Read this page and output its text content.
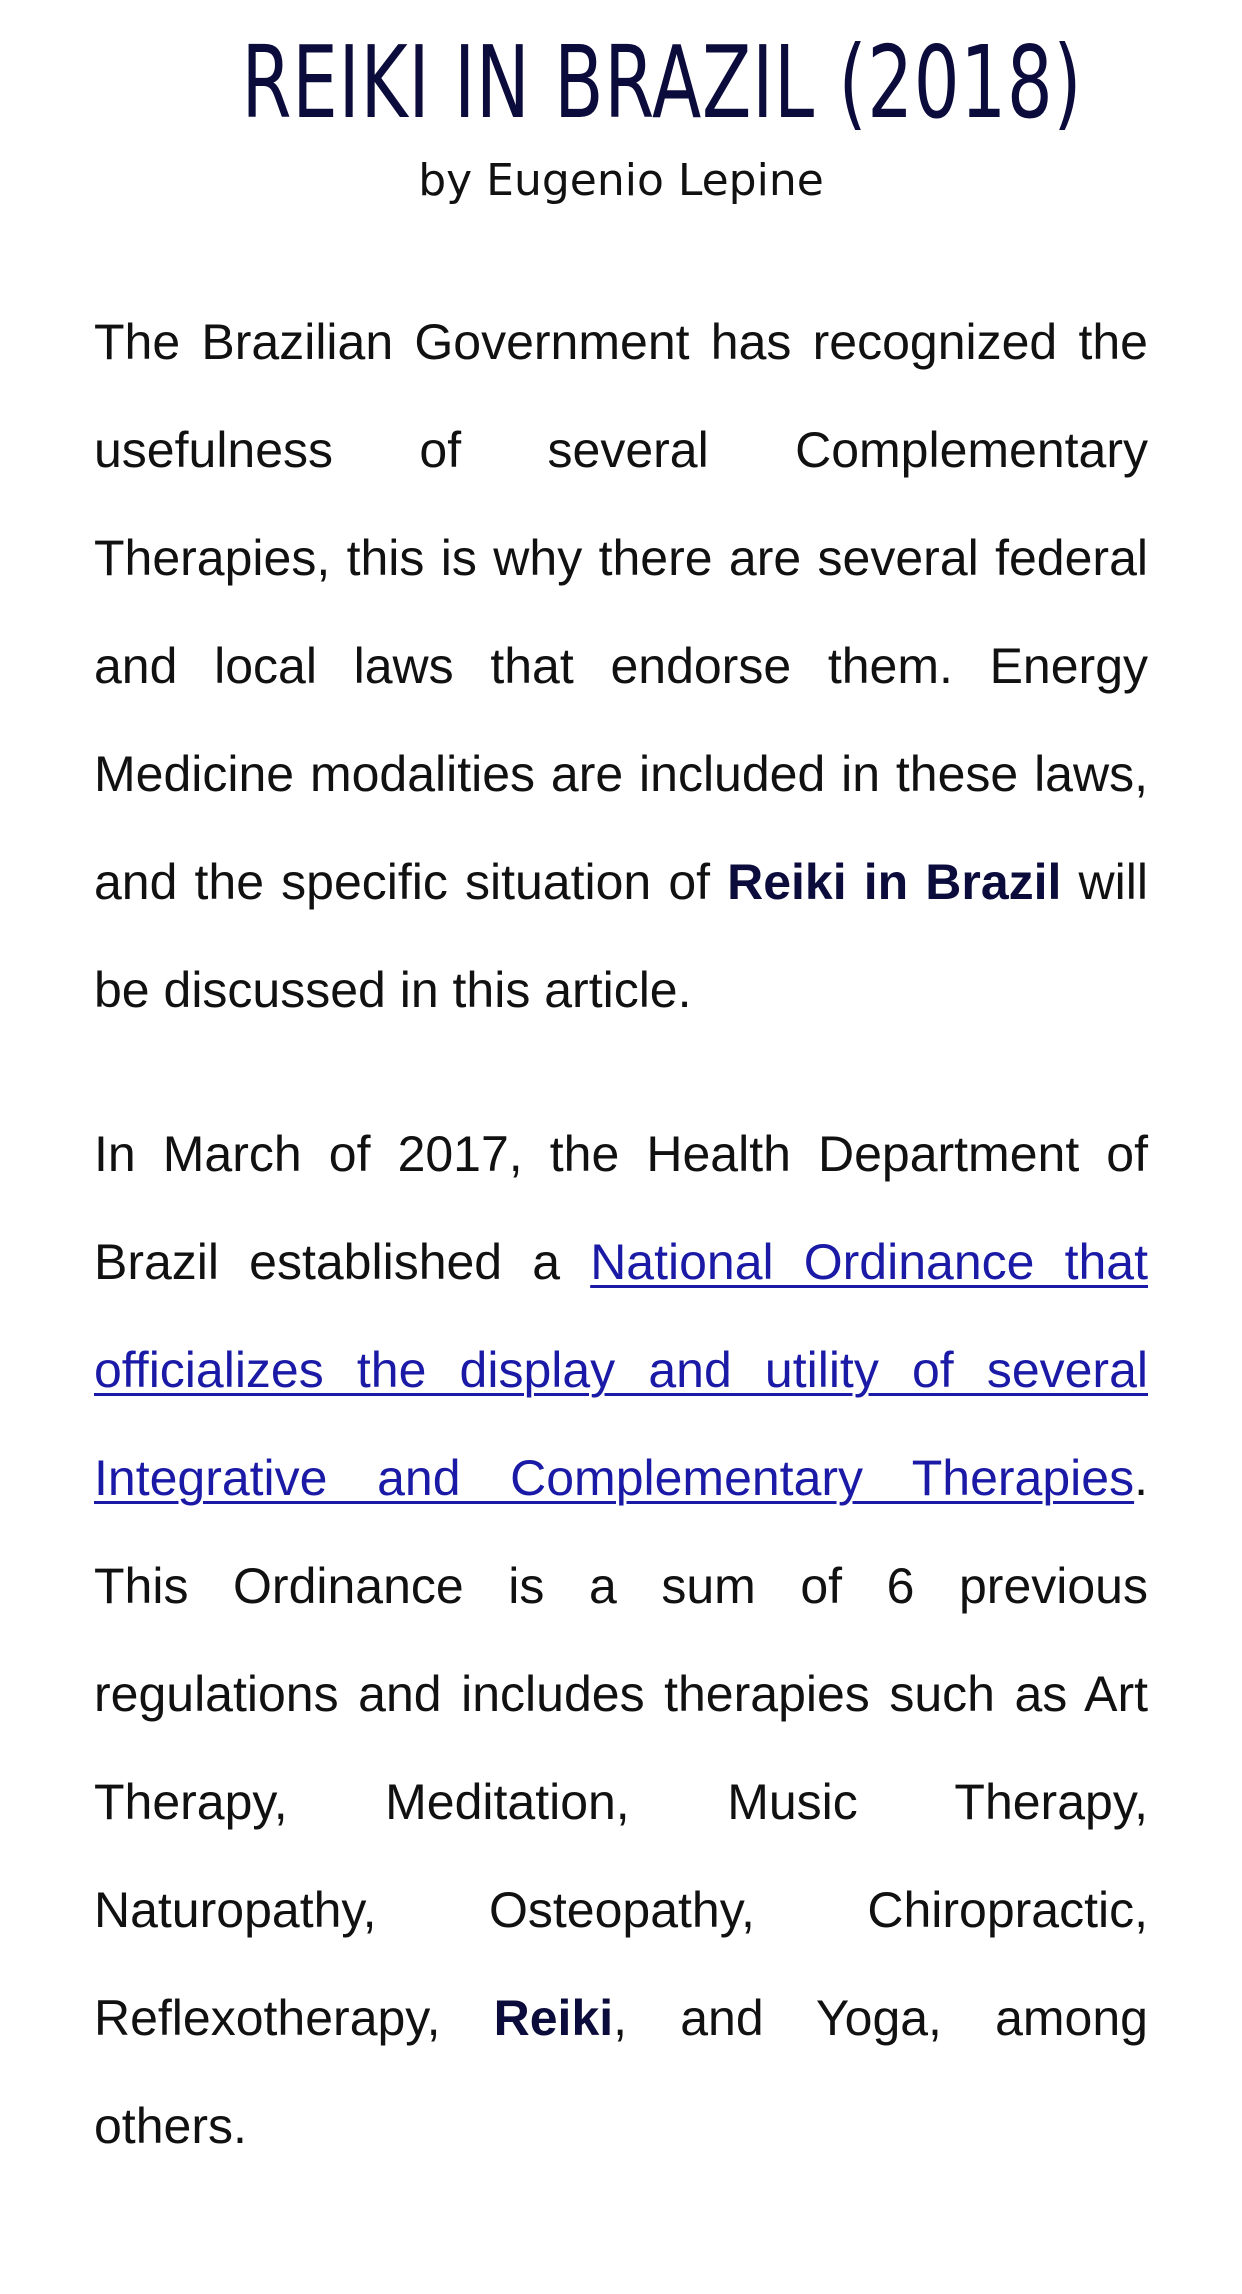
REIKI IN BRAZIL (2018)

by Eugenio Lepine

The Brazilian Government has recognized the usefulness of several Complementary Therapies, this is why there are several federal and local laws that endorse them. Energy Medicine modalities are included in these laws, and the specific situation of Reiki in Brazil will be discussed in this article.

In March of 2017, the Health Department of Brazil established a National Ordinance that officializes the display and utility of several Integrative and Complementary Therapies. This Ordinance is a sum of 6 previous regulations and includes therapies such as Art Therapy, Meditation, Music Therapy, Naturopathy, Osteopathy, Chiropractic, Reflexotherapy, Reiki, and Yoga, among others.
